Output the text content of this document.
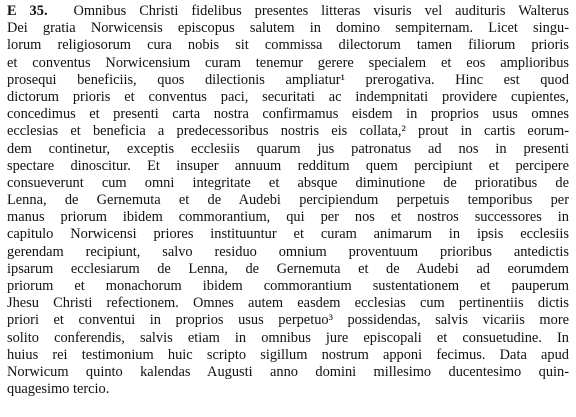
E 35. Omnibus Christi fidelibus presentes litteras visuris vel audituris Walterus
Dei gratia Norwicensis episcopus salutem in domino sempiternam. Licet singu-
lorum religiosorum cura nobis sit commissa dilectorum tamen filiorum prioris
et conventus Norwicensium curam tenemur gerere specialem et eos amplioribus
prosequi beneficiis, quos dilectionis ampliatur¹ prerogativa. Hinc est quod
dictorum prioris et conventus paci, securitati ac indempnitati providere cupientes,
concedimus et presenti carta nostra confirmamus eisdem in proprios usus omnes
ecclesias et beneficia a predecessoribus nostris eis collata,² prout in cartis eorum-
dem continetur, exceptis ecclesiis quarum jus patronatus ad nos in presenti
spectare dinoscitur. Et insuper annuum redditum quem percipiunt et percipere
consueverunt cum omni integritate et absque diminutione de prioratibus de
Lenna, de Gernemuta et de Audebi percipiendum perpetuis temporibus per
manus priorum ibidem commorantium, qui per nos et nostros successores in
capitulo Norwicensi priores instituuntur et curam animarum in ipsis ecclesiis
gerendam recipiunt, salvo residuo omnium proventuum prioribus antedictis
ipsarum ecclesiarum de Lenna, de Gernemuta et de Audebi ad eorumdem
priorum et monachorum ibidem commorantium sustentationem et pauperum
Jhesu Christi refectionem. Omnes autem easdem ecclesias cum pertinentiis dictis
priori et conventui in proprios usus perpetuo³ possidendas, salvis vicariis more
solito conferendis, salvis etiam in omnibus jure episcopali et consuetudine. In
huius rei testimonium huic scripto sigillum nostrum apponi fecimus. Data apud
Norwicum quinto kalendas Augusti anno domini millesimo ducentesimo quin-
quagesimo tercio.
